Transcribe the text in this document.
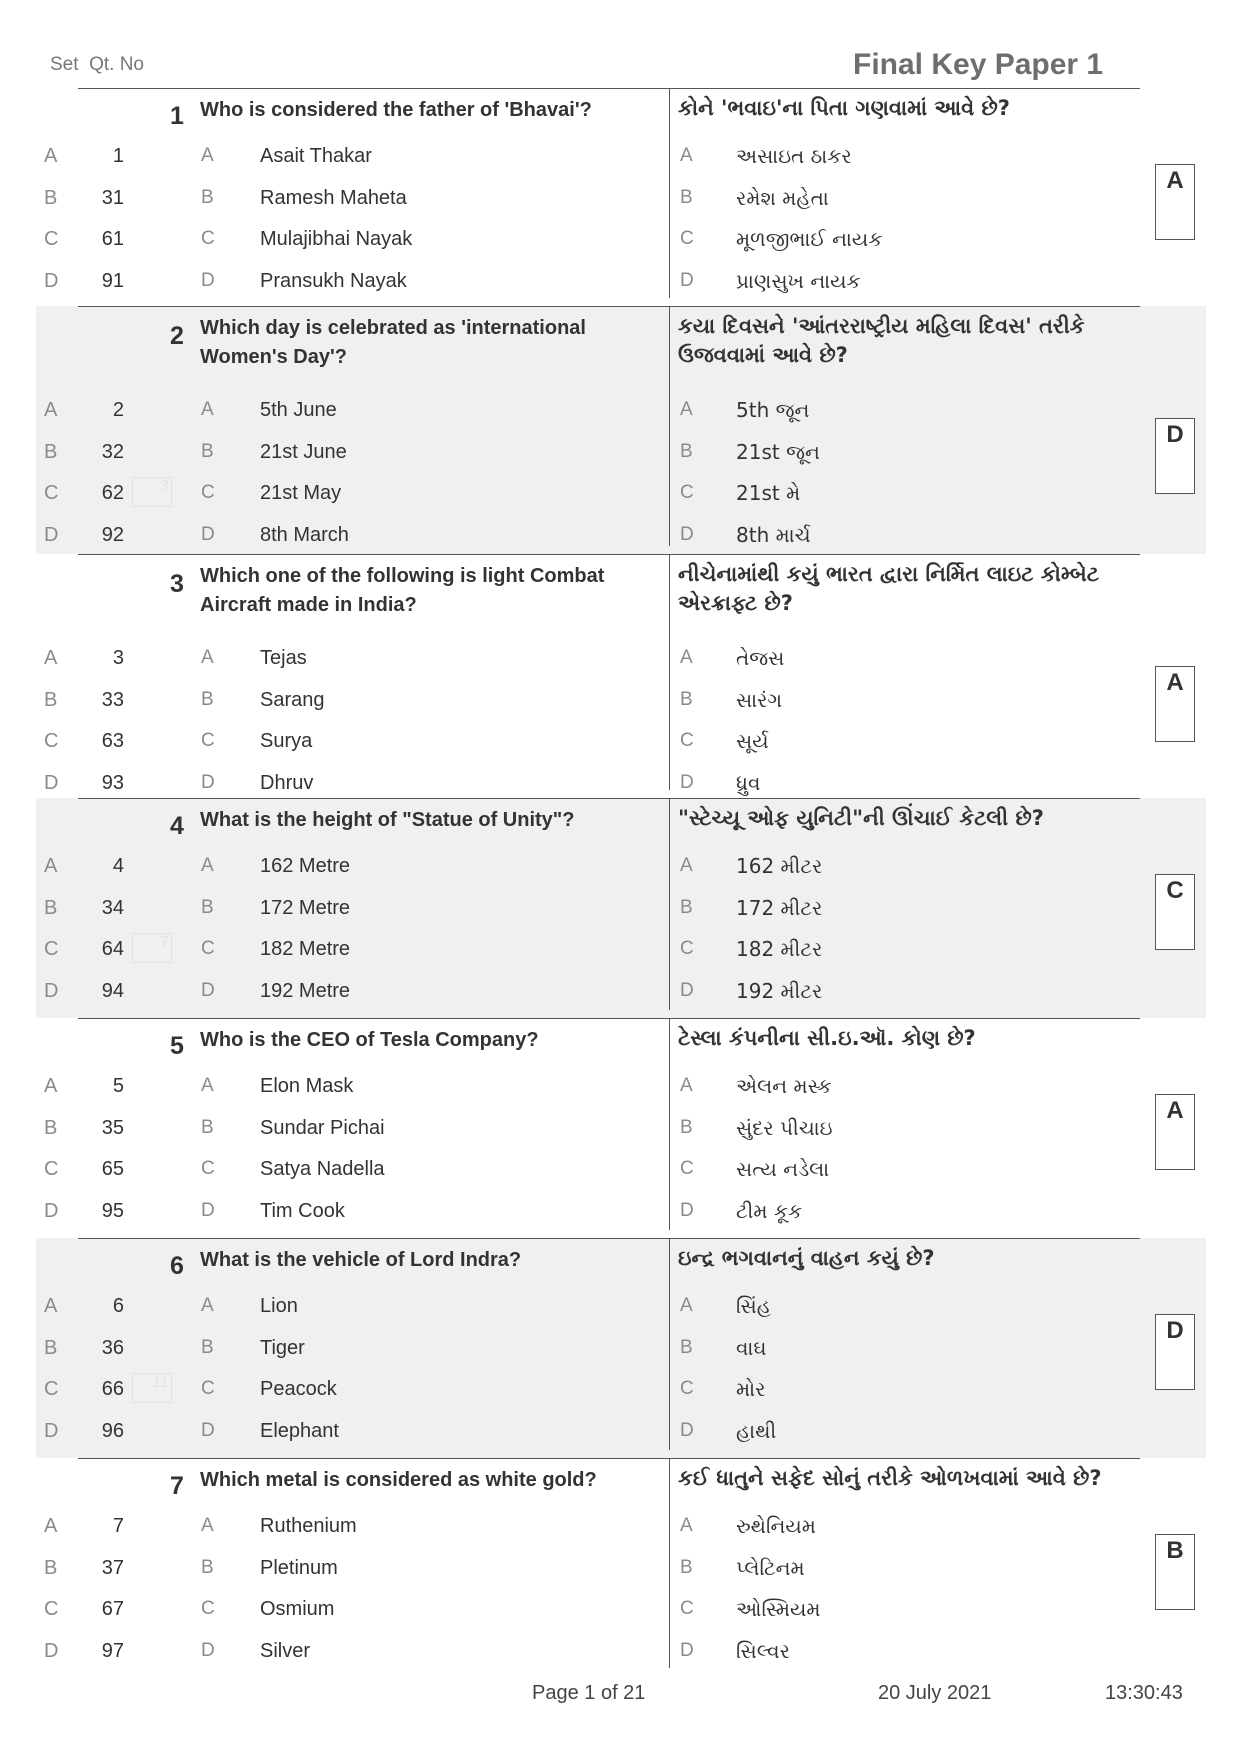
Set Qt. No	Final Key Paper 1
1 Who is considered the father of 'Bhavai'?	કોને 'ભવાઇ'ના પિતા ગણવામાં આવે છે?
A	1	A Asait Thakar	A અસાઇત ઠાકર
B	31	B Ramesh Maheta	B રમેશ મહેતા
C	61	C Mulajibhai Nayak	C મૂળજીભાઈ નાયક
D	91	D Pransukh Nayak	D પ્રાણસુખ નાયક
A
2 Which day is celebrated as 'international Women's Day'?
કયા દિવસને 'આંતરરાષ્ટ્રીય મહિલા દિવસ' તરીકે ઉજવવામાં આવે છે?
A	2	A 5th June	A 5th જૂન
B	32	B 21st June	B 21st જૂન
C	62	C 21st May	C 21st મે
D	92	D 8th March	D 8th માર્ચ
3
D
3 Which one of the following is light Combat Aircraft made in India?
નીચેનામાંથી કયું ભારત દ્વારા નિર્મિત લાઇટ કોમ્બેટ એરક્રાફ્ટ છે?
A	3	A Tejas	A તેજસ
B	33	B Sarang	B સારંગ
C	63	C Surya	C સૂર્ય
D	93	D Dhruv	D ધ્રુવ
A
4 What is the height of "Statue of Unity"?	"સ્ટેચ્યૂ ઓફ યુનિટી"ની ઊંચાઈ કેટલી છે?
A	4	A 162 Metre	A 162 મીટર
B	34	B 172 Metre	B 172 મીટર
C	64	C 182 Metre	C 182 મીટર
D	94	D 192 Metre	D 192 મીટર
7
C
5 Who is the CEO of Tesla Company?	ટેસ્લા કંપનીના સી.ઇ.ઑ. કોણ છે?
A	5	A Elon Mask	A એલન મસ્ક
B	35	B Sundar Pichai	B સુંદર પીચાઇ
C	65	C Satya Nadella	C સત્ય નડેલા
D	95	D Tim Cook	D ટીમ કૂક
A
6 What is the vehicle of Lord Indra?	ઇન્દ્ર ભગવાનનું વાહન કયું છે?
A	6	A Lion	A સિંહ
B	36	B Tiger	B વાઘ
C	66	C Peacock	C મોર
D	96	D Elephant	D હાથી
11
D
7 Which metal is considered as white gold?	કઈ ધાતુને સફેદ સોનું તરીકે ઓળખવામાં આવે છે?
A	7	A Ruthenium	A રુથેનિયમ
B	37	B Pletinum	B પ્લેટિનમ
C	67	C Osmium	C ઓસ્મિયમ
D	97	D Silver	D સિલ્વર
B
Page 1 of 21	20 July 2021	13:30:43
